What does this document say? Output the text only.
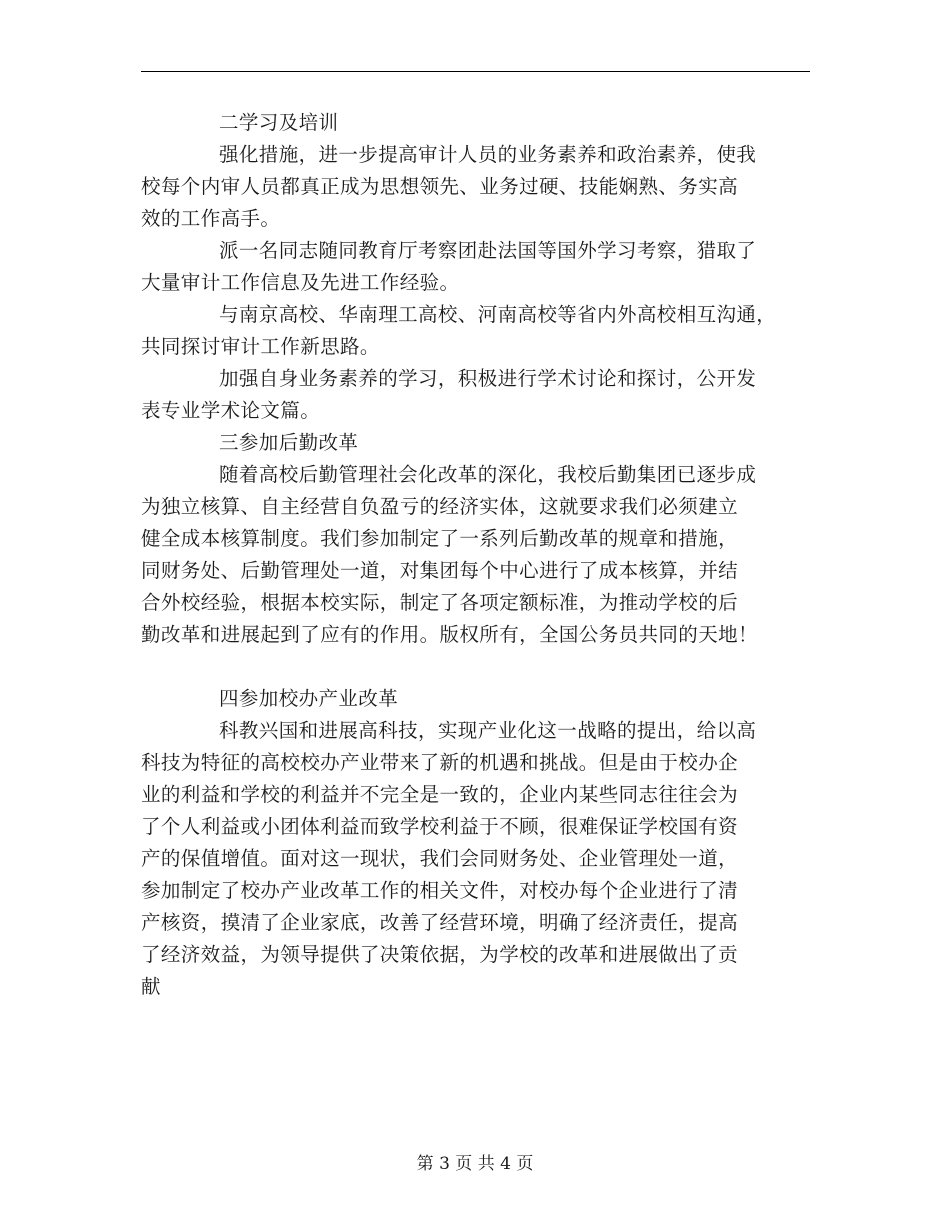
二学习及培训
强化措施，进一步提高审计人员的业务素养和政治素养，使我
校每个内审人员都真正成为思想领先、业务过硬、技能娴熟、务实高
效的工作高手。
派一名同志随同教育厅考察团赴法国等国外学习考察，猎取了
大量审计工作信息及先进工作经验。
与南京高校、华南理工高校、河南高校等省内外高校相互沟通，
共同探讨审计工作新思路。
加强自身业务素养的学习，积极进行学术讨论和探讨，公开发
表专业学术论文篇。
三参加后勤改革
随着高校后勤管理社会化改革的深化，我校后勤集团已逐步成
为独立核算、自主经营自负盈亏的经济实体，这就要求我们必须建立
健全成本核算制度。我们参加制定了一系列后勤改革的规章和措施，
同财务处、后勤管理处一道，对集团每个中心进行了成本核算，并结
合外校经验，根据本校实际，制定了各项定额标准，为推动学校的后
勤改革和进展起到了应有的作用。版权所有，全国公务员共同的天地！
四参加校办产业改革
科教兴国和进展高科技，实现产业化这一战略的提出，给以高
科技为特征的高校校办产业带来了新的机遇和挑战。但是由于校办企
业的利益和学校的利益并不完全是一致的，企业内某些同志往往会为
了个人利益或小团体利益而致学校利益于不顾，很难保证学校国有资
产的保值增值。面对这一现状，我们会同财务处、企业管理处一道，
参加制定了校办产业改革工作的相关文件，对校办每个企业进行了清
产核资，摸清了企业家底，改善了经营环境，明确了经济责任，提高
了经济效益，为领导提供了决策依据，为学校的改革和进展做出了贡
献
第 3 页 共 4 页
